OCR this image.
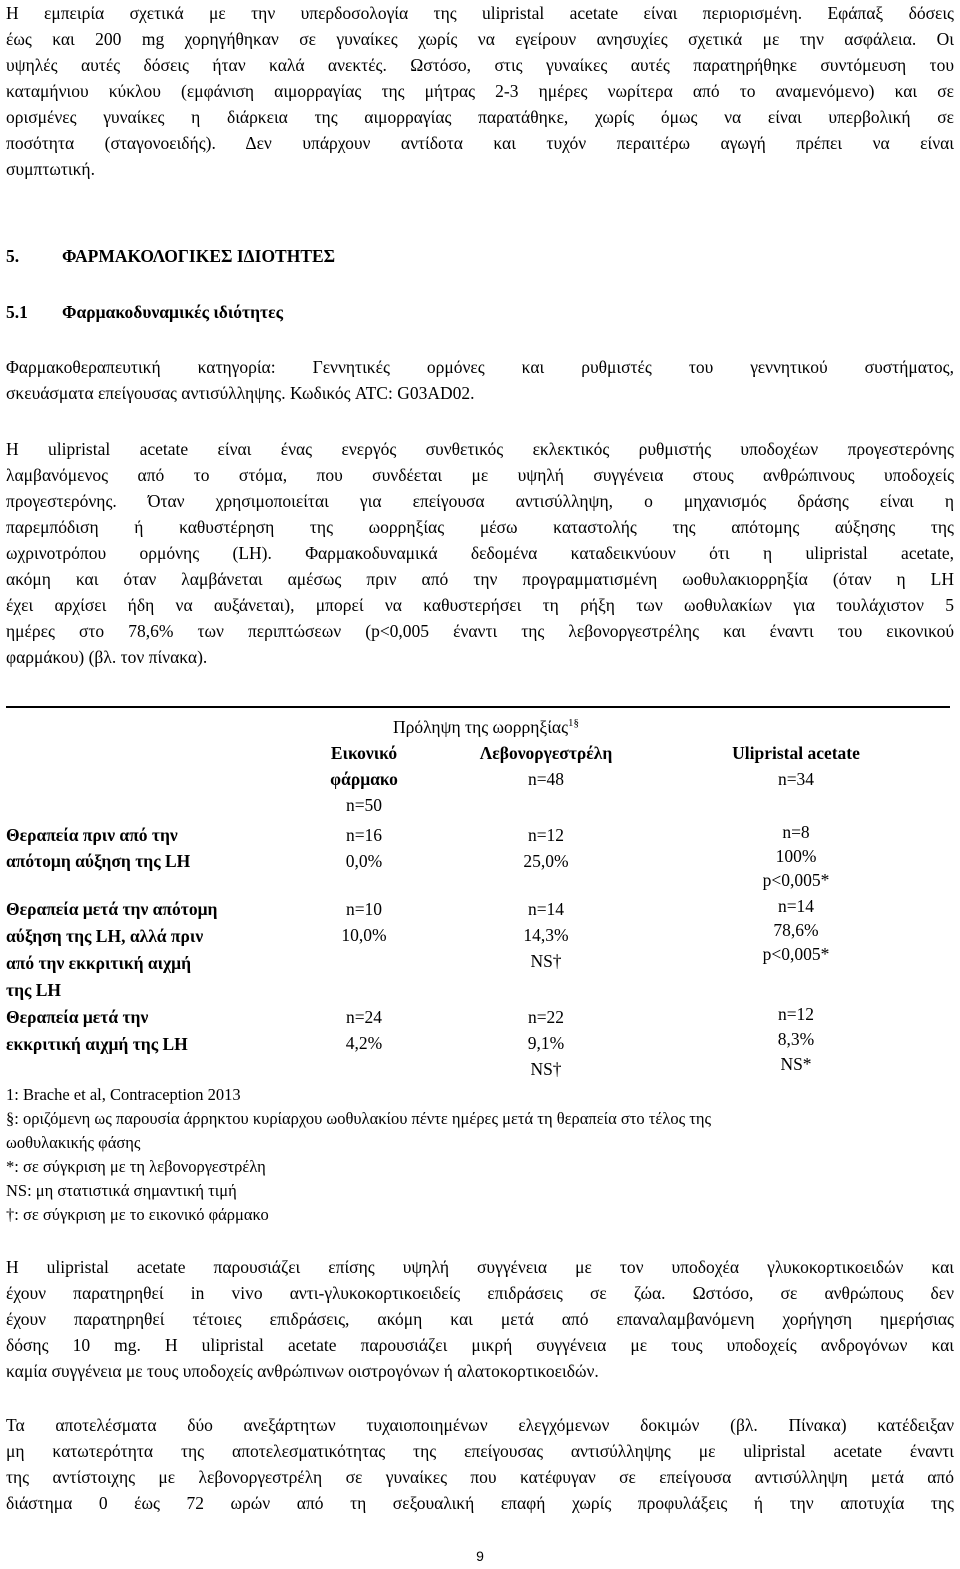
Η εμπειρία σχετικά με την υπερδοσολογία της ulipristal acetate είναι περιορισμένη. Εφάπαξ δόσεις
έως και 200 mg χορηγήθηκαν σε γυναίκες χωρίς να εγείρουν ανησυχίες σχετικά με την ασφάλεια. Οι
υψηλές αυτές δόσεις ήταν καλά ανεκτές. Ωστόσο, στις γυναίκες αυτές παρατηρήθηκε συντόμευση του
καταμήνιου κύκλου (εμφάνιση αιμορραγίας της μήτρας 2-3 ημέρες νωρίτερα από το αναμενόμενο) και σε
ορισμένες γυναίκες η διάρκεια της αιμορραγίας παρατάθηκε, χωρίς όμως να είναι υπερβολική σε
ποσότητα (σταγονοειδής). Δεν υπάρχουν αντίδοτα και τυχόν περαιτέρω αγωγή πρέπει να είναι
συμπτωτική.
5. ΦΑΡΜΑΚΟΛΟΓΙΚΕΣ ΙΔΙΟΤΗΤΕΣ
5.1 Φαρμακοδυναμικές ιδιότητες
Φαρμακοθεραπευτική κατηγορία: Γεννητικές ορμόνες και ρυθμιστές του γεννητικού συστήματος,
σκευάσματα επείγουσας αντισύλληψης. Κωδικός ATC: G03AD02.
Η ulipristal acetate είναι ένας ενεργός συνθετικός εκλεκτικός ρυθμιστής υποδοχέων προγεστερόνης
λαμβανόμενος από το στόμα, που συνδέεται με υψηλή συγγένεια στους ανθρώπινους υποδοχείς
προγεστερόνης. Όταν χρησιμοποιείται για επείγουσα αντισύλληψη, ο μηχανισμός δράσης είναι η
παρεμπόδιση ή καθυστέρηση της ωορρηξίας μέσω καταστολής της απότομης αύξησης της
ωχρινοτρόπου ορμόνης (LH). Φαρμακοδυναμικά δεδομένα καταδεικνύουν ότι η ulipristal acetate,
ακόμη και όταν λαμβάνεται αμέσως πριν από την προγραμματισμένη ωοθυλακιορρηξία (όταν η LH
έχει αρχίσει ήδη να αυξάνεται), μπορεί να καθυστερήσει τη ρήξη των ωοθυλακίων για τουλάχιστον 5
ημέρες στο 78,6% των περιπτώσεων (p<0,005 έναντι της λεβονοργεστρέλης και έναντι του εικονικού
φαρμάκου) (βλ. τον πίνακα).
Πρόληψη της ωορρηξίας$^{1\S}$
Εικονικό
φάρμακο
n=50
Λεβονοργεστρέλη
n=48
Ulipristal acetate
n=34
Θεραπεία πριν από την
απότομη αύξηση της LH
n=16
0,0%
n=12
25,0%
n=8
100%
p<0,005*
Θεραπεία μετά την απότομη
αύξηση της LH, αλλά πριν
από την εκκριτική αιχμή
της LH
n=10
10,0%
n=14
14,3%
NS†
n=14
78,6%
p<0,005*
Θεραπεία μετά την
εκκριτική αιχμή της LH
n=24
4,2%
n=22
9,1%
NS†
n=12
8,3%
NS*
1: Brache et al, Contraception 2013
§: οριζόμενη ως παρουσία άρρηκτου κυρίαρχου ωοθυλακίου πέντε ημέρες μετά τη θεραπεία στο τέλος της
ωοθυλακικής φάσης
*: σε σύγκριση με τη λεβονοργεστρέλη
NS: μη στατιστικά σημαντική τιμή
†: σε σύγκριση με το εικονικό φάρμακο
Η ulipristal acetate παρουσιάζει επίσης υψηλή συγγένεια με τον υποδοχέα γλυκοκορτικοειδών και
έχουν παρατηρηθεί in vivo αντι-γλυκοκορτικοειδείς επιδράσεις σε ζώα. Ωστόσο, σε ανθρώπους δεν
έχουν παρατηρηθεί τέτοιες επιδράσεις, ακόμη και μετά από επαναλαμβανόμενη χορήγηση ημερήσιας
δόσης 10 mg. Η ulipristal acetate παρουσιάζει μικρή συγγένεια με τους υποδοχείς ανδρογόνων και
καμία συγγένεια με τους υποδοχείς ανθρώπινων οιστρογόνων ή αλατοκορτικοειδών.
Τα αποτελέσματα δύο ανεξάρτητων τυχαιοποιημένων ελεγχόμενων δοκιμών (βλ. Πίνακα) κατέδειξαν
μη κατωτερότητα της αποτελεσματικότητας της επείγουσας αντισύλληψης με ulipristal acetate έναντι
της αντίστοιχης με λεβονοργεστρέλη σε γυναίκες που κατέφυγαν σε επείγουσα αντισύλληψη μετά από
διάστημα 0 έως 72 ωρών από τη σεξουαλική επαφή χωρίς προφυλάξεις ή την αποτυχία της
9
